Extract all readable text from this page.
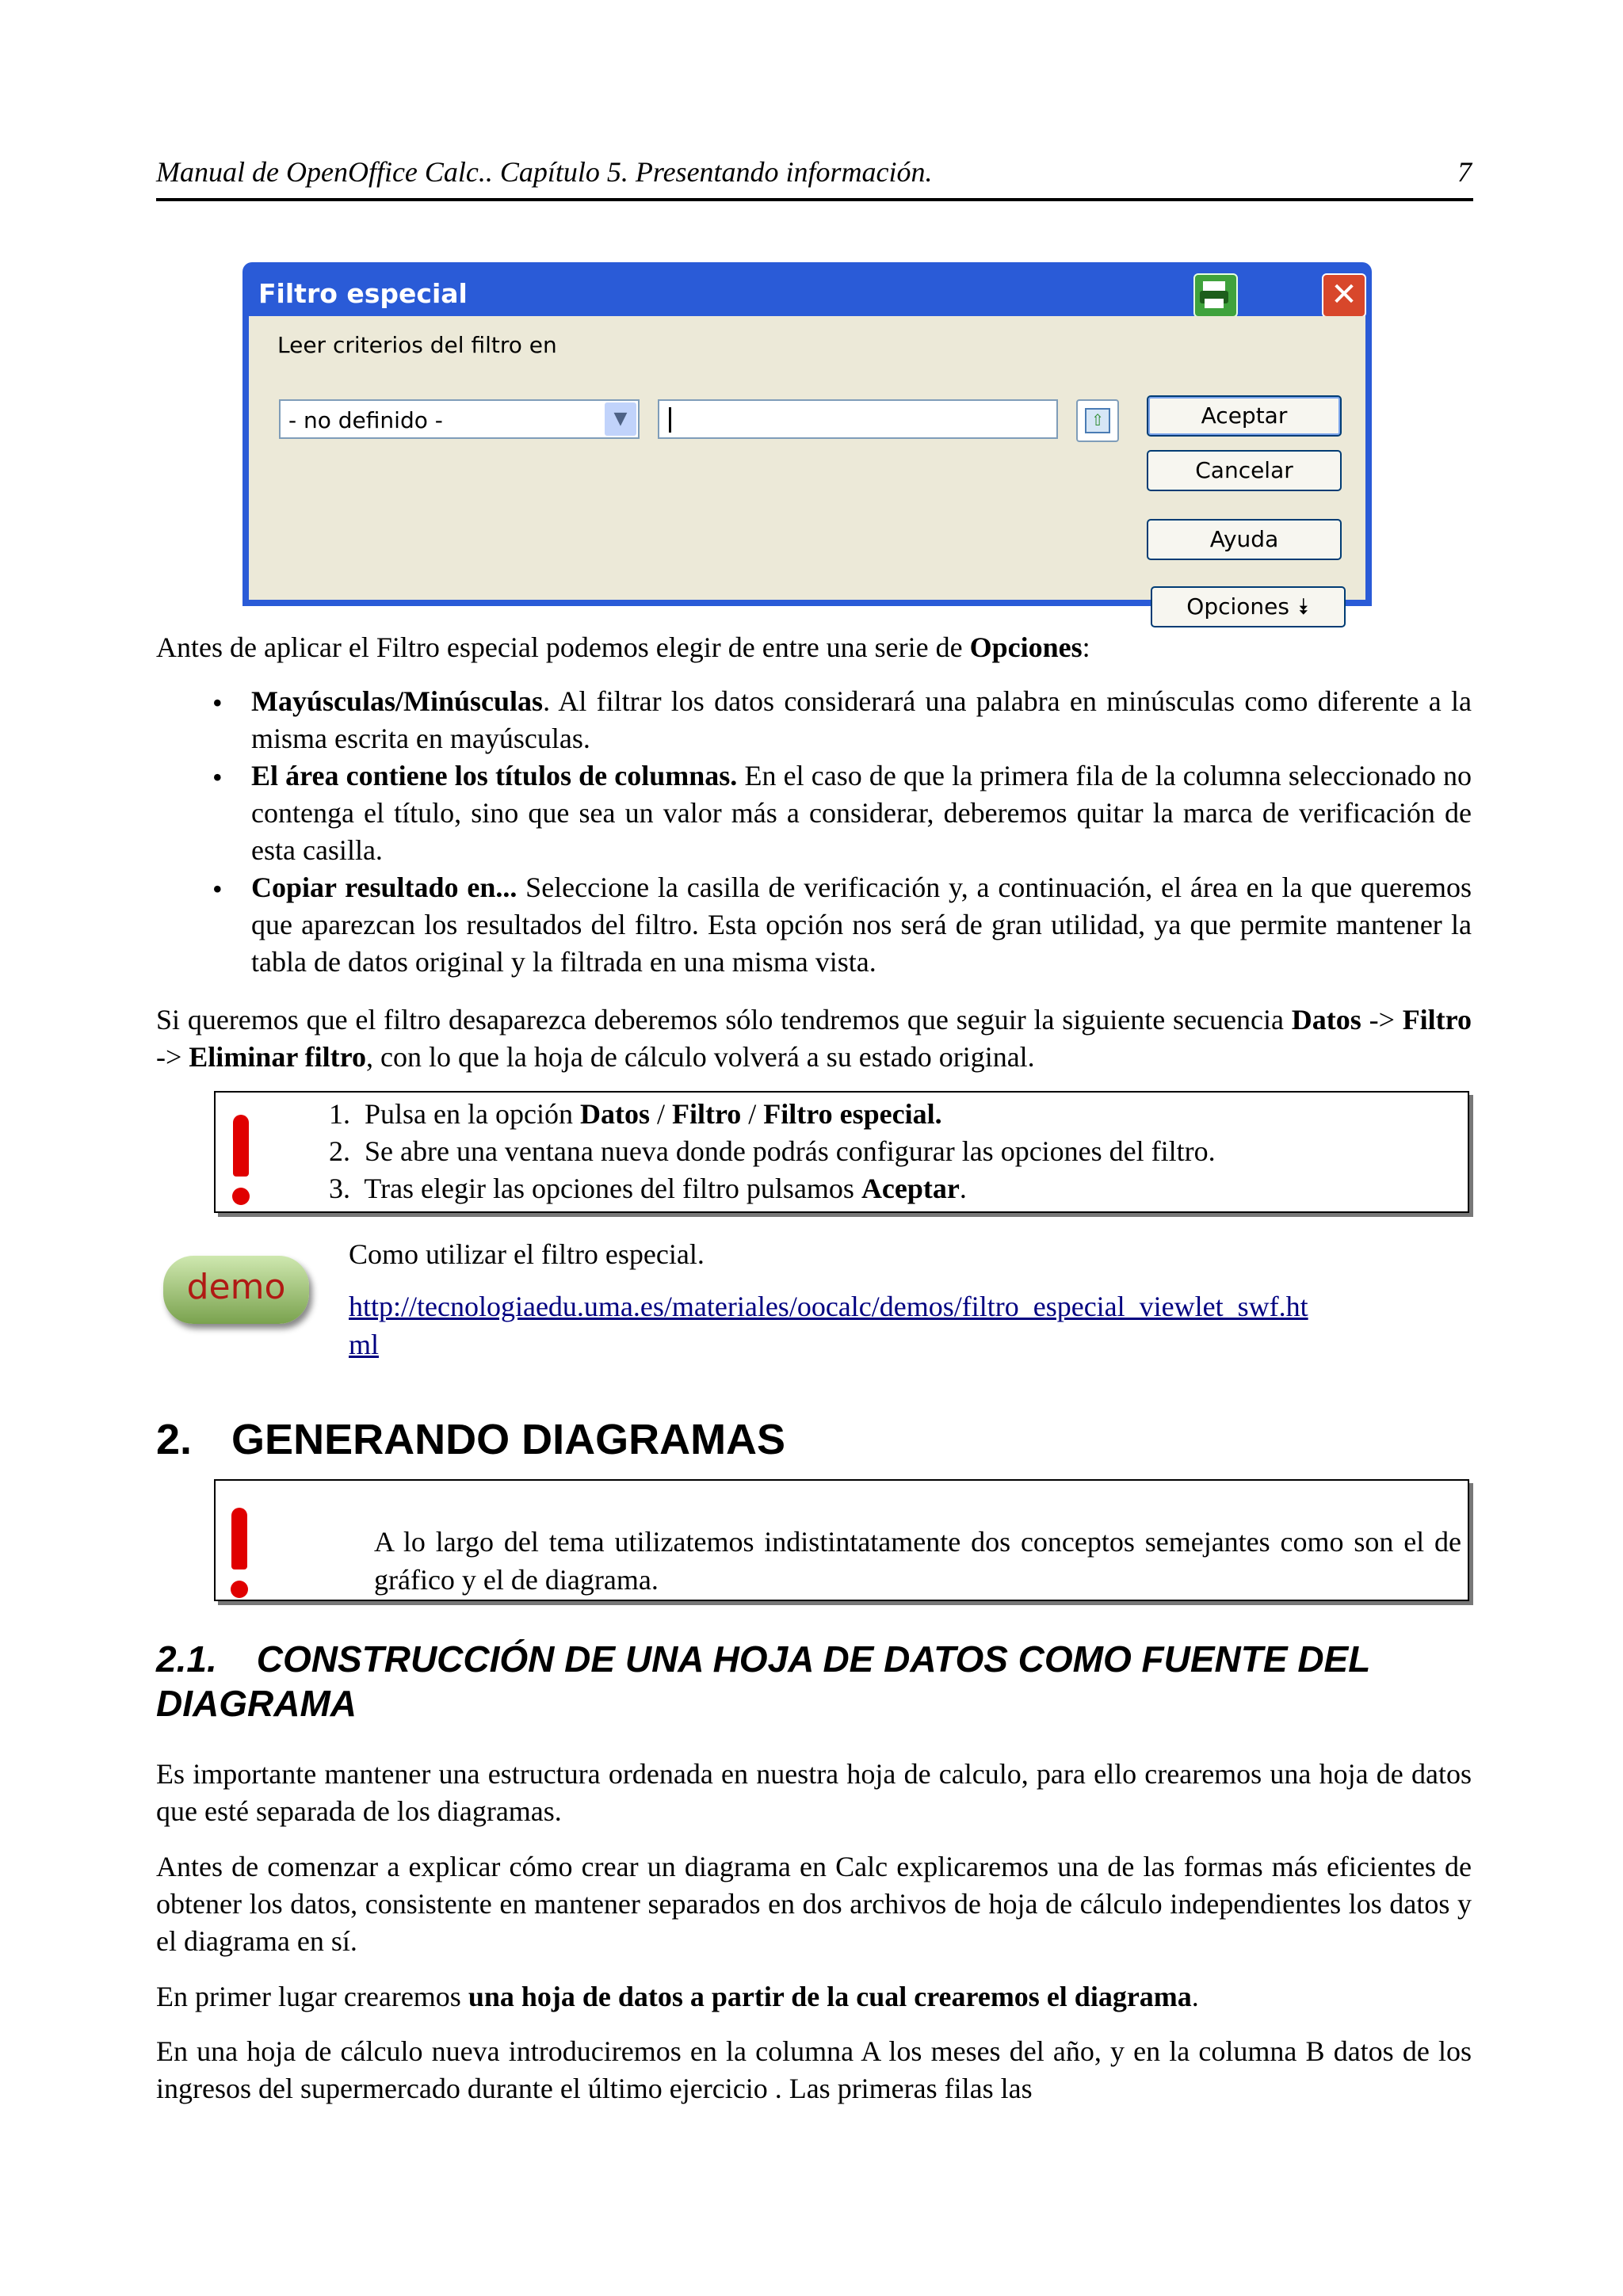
Manual de OpenOffice Calc.. Capítulo 5. Presentando información.	7
Filtro especial	✕
Leer criterios del filtro en
- no definido -	▼	⇧	Aceptar
Cancelar
Ayuda
Opciones ⯯
Antes de aplicar el Filtro especial podemos elegir de entre una serie de Opciones:
• Mayúsculas/Minúsculas. Al filtrar los datos considerará una palabra en minúsculas como diferente a la misma escrita en mayúsculas.
• El área contiene los títulos de columnas. En el caso de que la primera fila de la columna seleccionado no contenga el título, sino que sea un valor más a considerar, deberemos quitar la marca de verificación de esta casilla.
• Copiar resultado en... Seleccione la casilla de verificación y, a continuación, el área en la que queremos que aparezcan los resultados del filtro. Esta opción nos será de gran utilidad, ya que permite mantener la tabla de datos original y la filtrada en una misma vista.
Si queremos que el filtro desaparezca deberemos sólo tendremos que seguir la siguiente secuencia Datos -> Filtro -> Eliminar filtro, con lo que la hoja de cálculo volverá a su estado original.
1. Pulsa en la opción Datos / Filtro / Filtro especial.
2. Se abre una ventana nueva donde podrás configurar las opciones del filtro.
3. Tras elegir las opciones del filtro pulsamos Aceptar.
demo
Como utilizar el filtro especial.
http://tecnologiaedu.uma.es/materiales/oocalc/demos/filtro_especial_viewlet_swf.ht
ml
2. GENERANDO DIAGRAMAS
A lo largo del tema utilizatemos indistintatamente dos conceptos semejantes como son el de gráfico y el de diagrama.
2.1. CONSTRUCCIÓN DE UNA HOJA DE DATOS COMO FUENTE DEL
DIAGRAMA
Es importante mantener una estructura ordenada en nuestra hoja de calculo, para ello crearemos una hoja de datos que esté separada de los diagramas.
Antes de comenzar a explicar cómo crear un diagrama en Calc explicaremos una de las formas más eficientes de obtener los datos, consistente en mantener separados en dos archivos de hoja de cálculo independientes los datos y el diagrama en sí.
En primer lugar crearemos una hoja de datos a partir de la cual crearemos el diagrama.
En una hoja de cálculo nueva introduciremos en la columna A los meses del año, y en la columna B datos de los ingresos del supermercado durante el último ejercicio . Las primeras filas las
